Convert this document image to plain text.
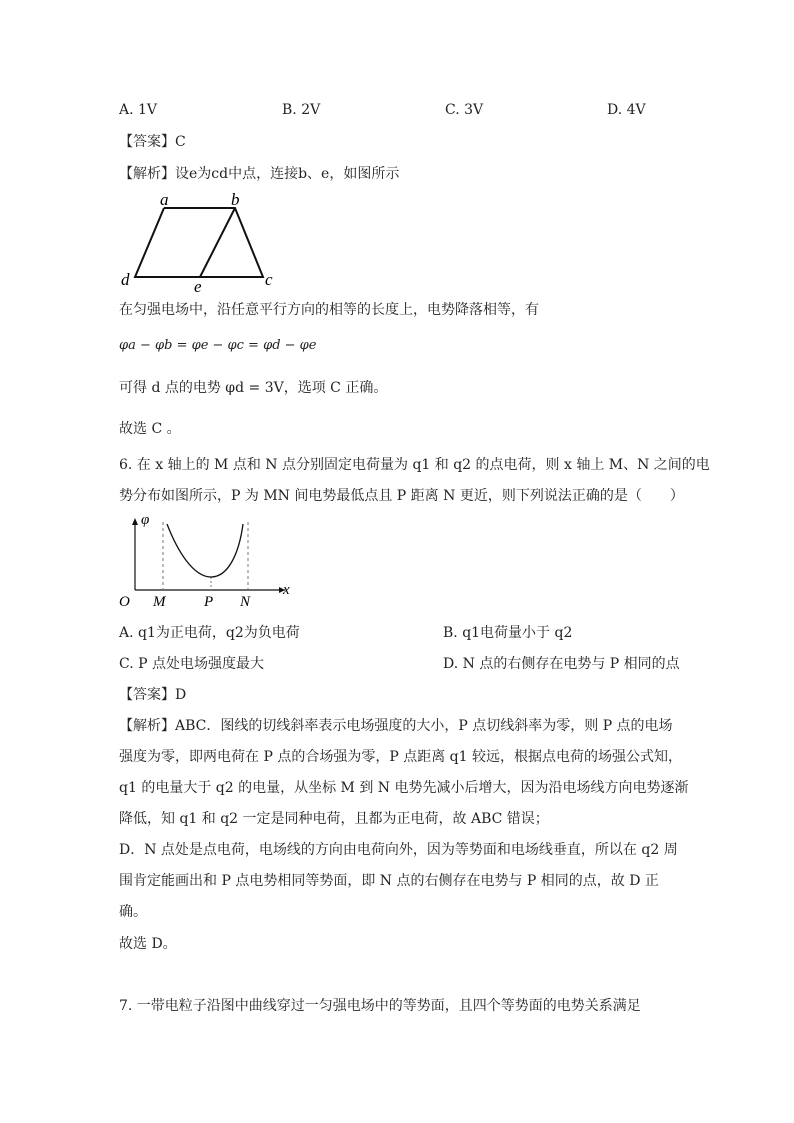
A. 1V	B. 2V	C. 3V	D. 4V
【答案】C
【解析】设e为cd中点，连接b、e，如图所示
a	b
c
d	e
在匀强电场中，沿任意平行方向的相等的长度上，电势降落相等，有
φa − φb = φe − φc = φd − φe
可得 d 点的电势 φd = 3V，选项 C 正确。
故选 C 。
6. 在 x 轴上的 M 点和 N 点分别固定电荷量为 q1 和 q2 的点电荷，则 x 轴上 M、N 之间的电
势分布如图所示，P 为 MN 间电势最低点且 P 距离 N 更近，则下列说法正确的是（　　）
φ
x
O M	P N
A. q1为正电荷，q2为负电荷	B. q1电荷量小于 q2
C. P 点处电场强度最大	D. N 点的右侧存在电势与 P 相同的点
【答案】D
【解析】ABC．图线的切线斜率表示电场强度的大小，P 点切线斜率为零，则 P 点的电场
强度为零，即两电荷在 P 点的合场强为零，P 点距离 q1 较远，根据点电荷的场强公式知，
q1 的电量大于 q2 的电量，从坐标 M 到 N 电势先减小后增大，因为沿电场线方向电势逐渐
降低，知 q1 和 q2 一定是同种电荷，且都为正电荷，故 ABC 错误；
D．N 点处是点电荷，电场线的方向由电荷向外，因为等势面和电场线垂直，所以在 q2 周
围肯定能画出和 P 点电势相同等势面，即 N 点的右侧存在电势与 P 相同的点，故 D 正
确。
故选 D。
7. 一带电粒子沿图中曲线穿过一匀强电场中的等势面，且四个等势面的电势关系满足
